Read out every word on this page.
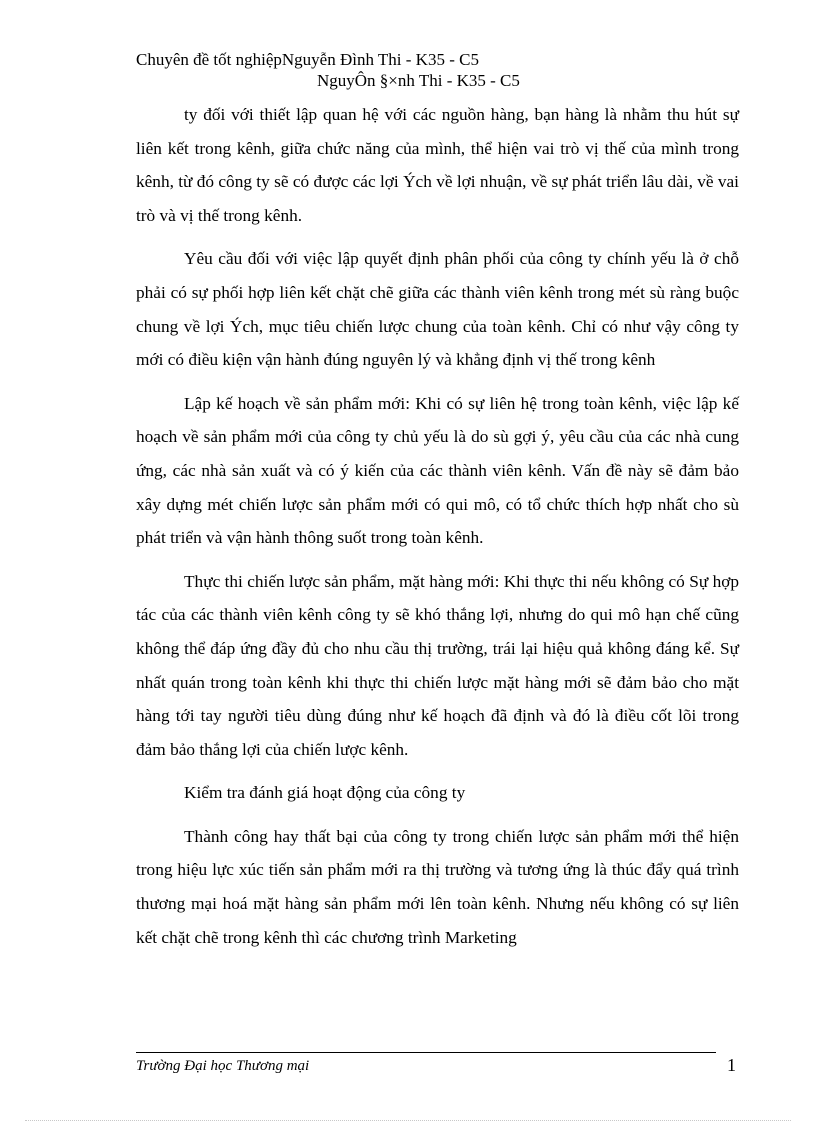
Chuyên đề tốt nghiệpNguyễn Đình Thi - K35 - C5
NguyÔn §×nh Thi - K35 - C5

ty đối với thiết lập quan hệ với các nguồn hàng, bạn hàng là nhằm thu hút sự liên kết trong kênh, giữa chức năng của mình, thể hiện vai trò vị thế của mình trong kênh, từ đó công ty sẽ có được các lợi Ých về lợi nhuận, về sự phát triển lâu dài, về vai trò và vị thế trong kênh.

Yêu cầu đối với việc lập quyết định phân phối của công ty chính yếu là ở chỗ phải có sự phối hợp liên kết chặt chẽ giữa các thành viên kênh trong mét sù ràng buộc chung về lợi Ých, mục tiêu chiến lược chung của toàn kênh. Chỉ có như vậy công ty mới có điều kiện vận hành đúng nguyên lý và khẳng định vị thế trong kênh

Lập kế hoạch về sản phẩm mới: Khi có sự liên hệ trong toàn kênh, việc lập kế hoạch về sản phẩm mới của công ty chủ yếu là do sù gợi ý, yêu cầu của các nhà cung ứng, các nhà sản xuất và có ý kiến của các thành viên kênh. Vấn đề này sẽ đảm bảo xây dựng mét chiến lược sản phẩm mới có qui mô, có tổ chức thích hợp nhất cho sù phát triển và vận hành thông suốt trong toàn kênh.

Thực thi chiến lược sản phẩm, mặt hàng mới: Khi thực thi nếu không có Sự hợp tác của các thành viên kênh công ty sẽ khó thắng lợi, nhưng do qui mô hạn chế cũng không thể đáp ứng đầy đủ cho nhu cầu thị trường, trái lại hiệu quả không đáng kể. Sự nhất quán trong toàn kênh khi thực thi chiến lược mặt hàng mới sẽ đảm bảo cho mặt hàng tới tay người tiêu dùng đúng như kế hoạch đã định và đó là điều cốt lõi trong đảm bảo thắng lợi của chiến lược kênh.

Kiểm tra đánh giá hoạt động của công ty

Thành công hay thất bại của công ty trong chiến lược sản phẩm mới thể hiện trong hiệu lực xúc tiến sản phẩm mới ra thị trường và tương ứng là thúc đẩy quá trình thương mại hoá mặt hàng sản phẩm mới lên toàn kênh. Nhưng nếu không có sự liên kết chặt chẽ trong kênh thì các chương trình Marketing

Trường Đại học Thương mại	1
